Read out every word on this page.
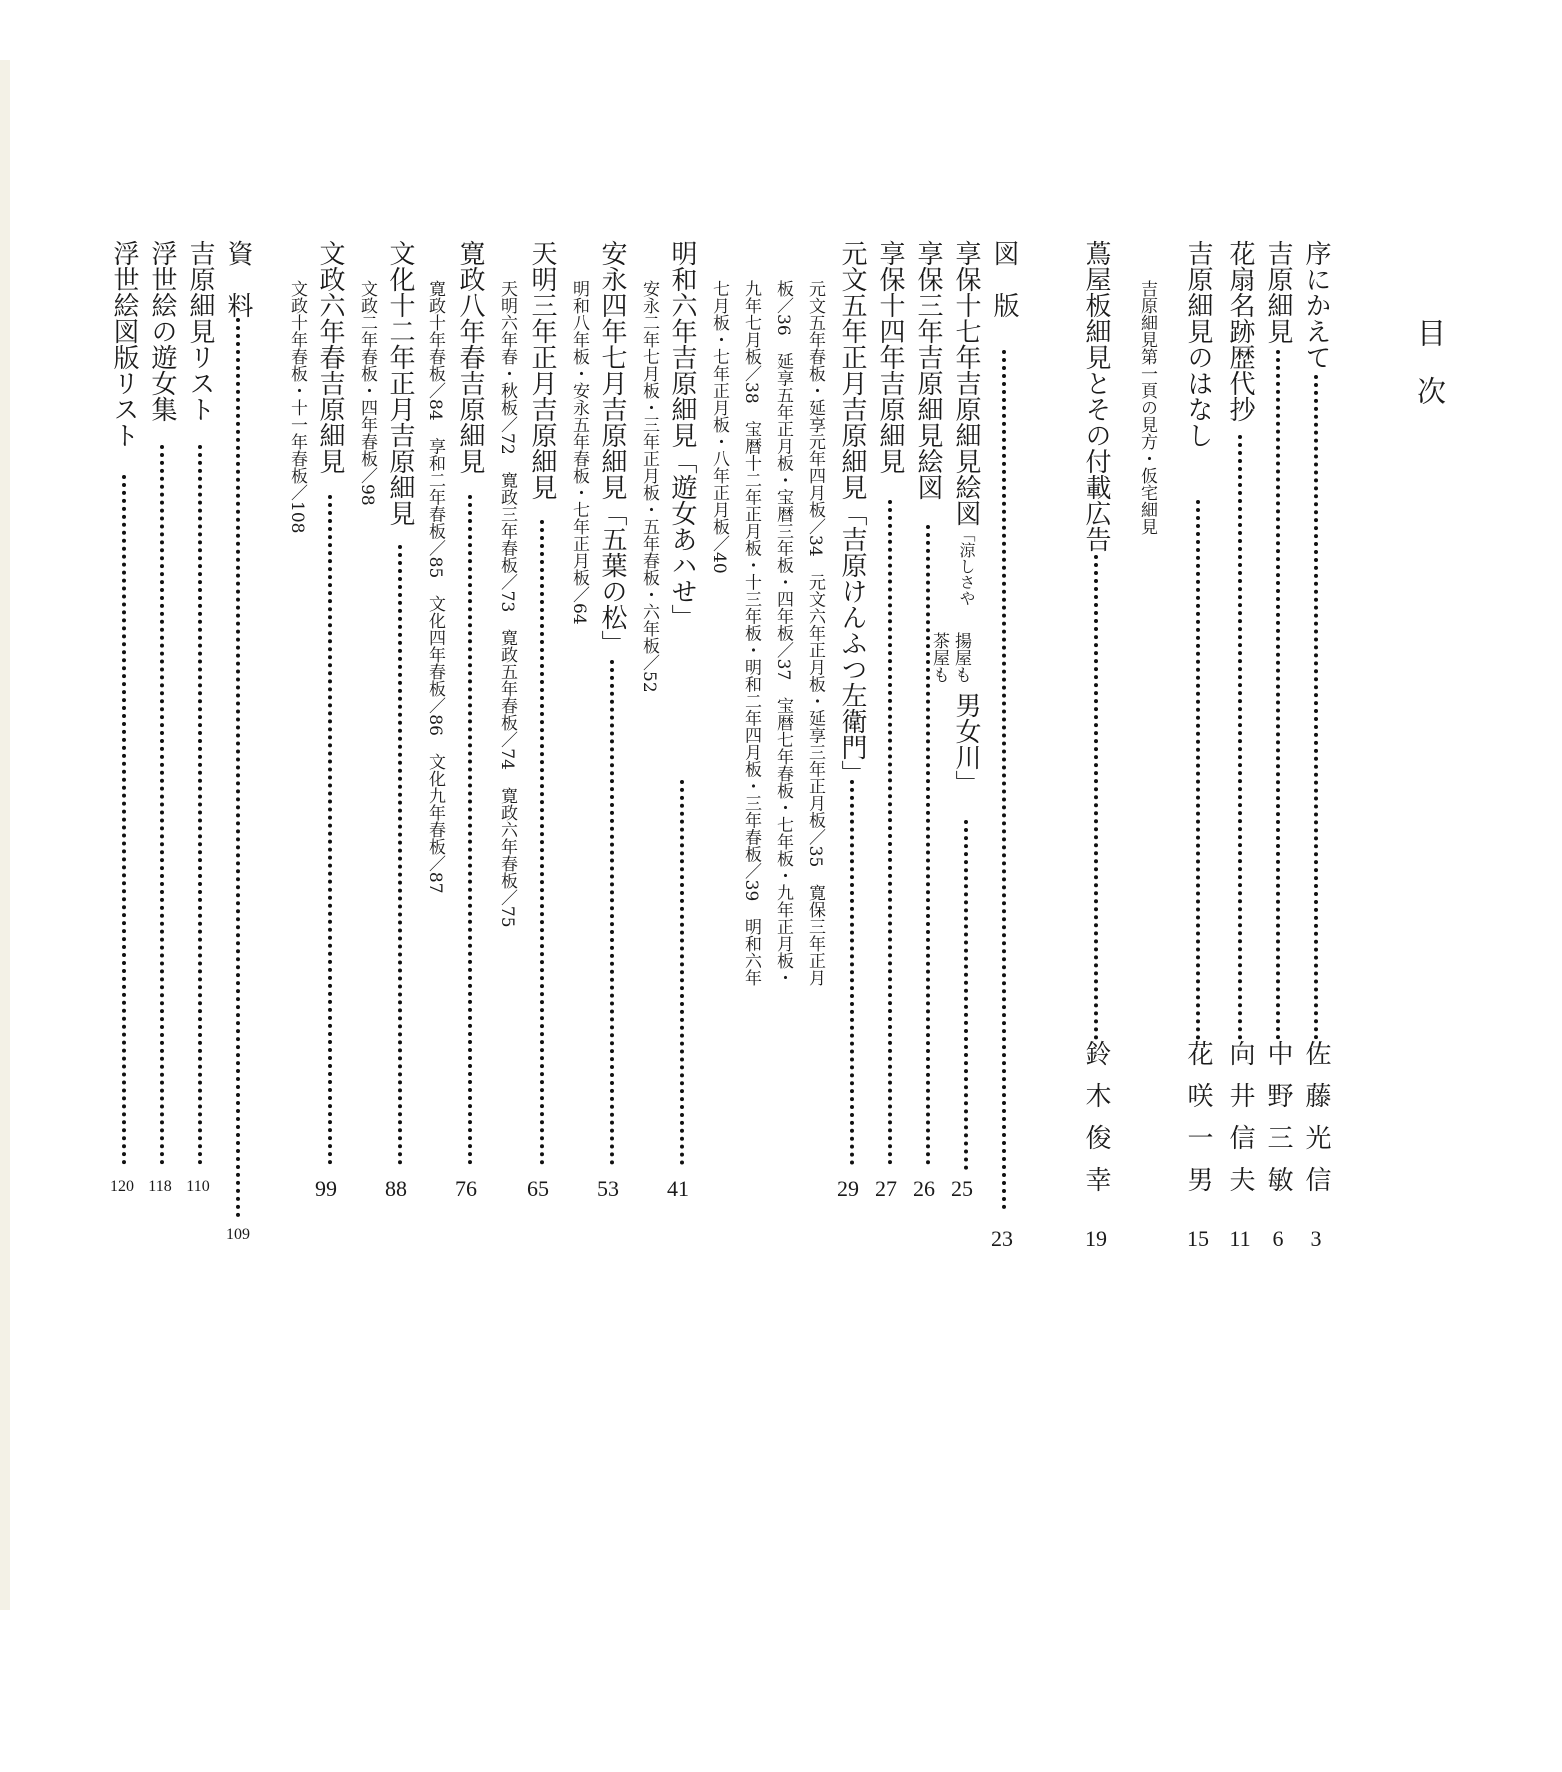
目　次
序にかえて
佐藤光信
3
吉原細見
中野三敏
6
花扇名跡歴代抄
向井信夫
11
吉原細見のはなし
吉原細見第一頁の見方・仮宅細見
花咲一男
15
蔦屋板細見とその付載広告
鈴木俊幸
19
図　版
23
享保十七年吉原細見絵図「涼しさや
揚屋も
茶屋も
男女川」
25
享保三年吉原細見絵図
26
享保十四年吉原細見
27
元文五年正月吉原細見「吉原けんふつ左衛門」
29
元文五年春板・延享元年四月板／34　元文六年正月板・延享三年正月板／35　寛保三年正月
板／36　延享五年正月板・宝暦三年板・四年板／37　宝暦七年春板・七年板・九年正月板・
九年七月板／38　宝暦十二年正月板・十三年板・明和二年四月板・三年春板／39　明和六年
七月板・七年正月板・八年正月板／40
明和六年吉原細見「遊女あハせ」
41
安永二年七月板・三年正月板・五年春板・六年板／52
安永四年七月吉原細見「五葉の松」
53
明和八年板・安永五年春板・七年正月板／64
天明三年正月吉原細見
65
天明六年春・秋板／72　寛政三年春板／73　寛政五年春板／74　寛政六年春板／75
寛政八年春吉原細見
76
寛政十年春板／84　享和二年春板／85　文化四年春板／86　文化九年春板／87
文化十二年正月吉原細見
88
文政二年春板・四年春板／98
文政六年春吉原細見
99
文政十年春板・十一年春板／108
資　料
109
吉原細見リスト
110
浮世絵の遊女集
118
浮世絵図版リスト
120
